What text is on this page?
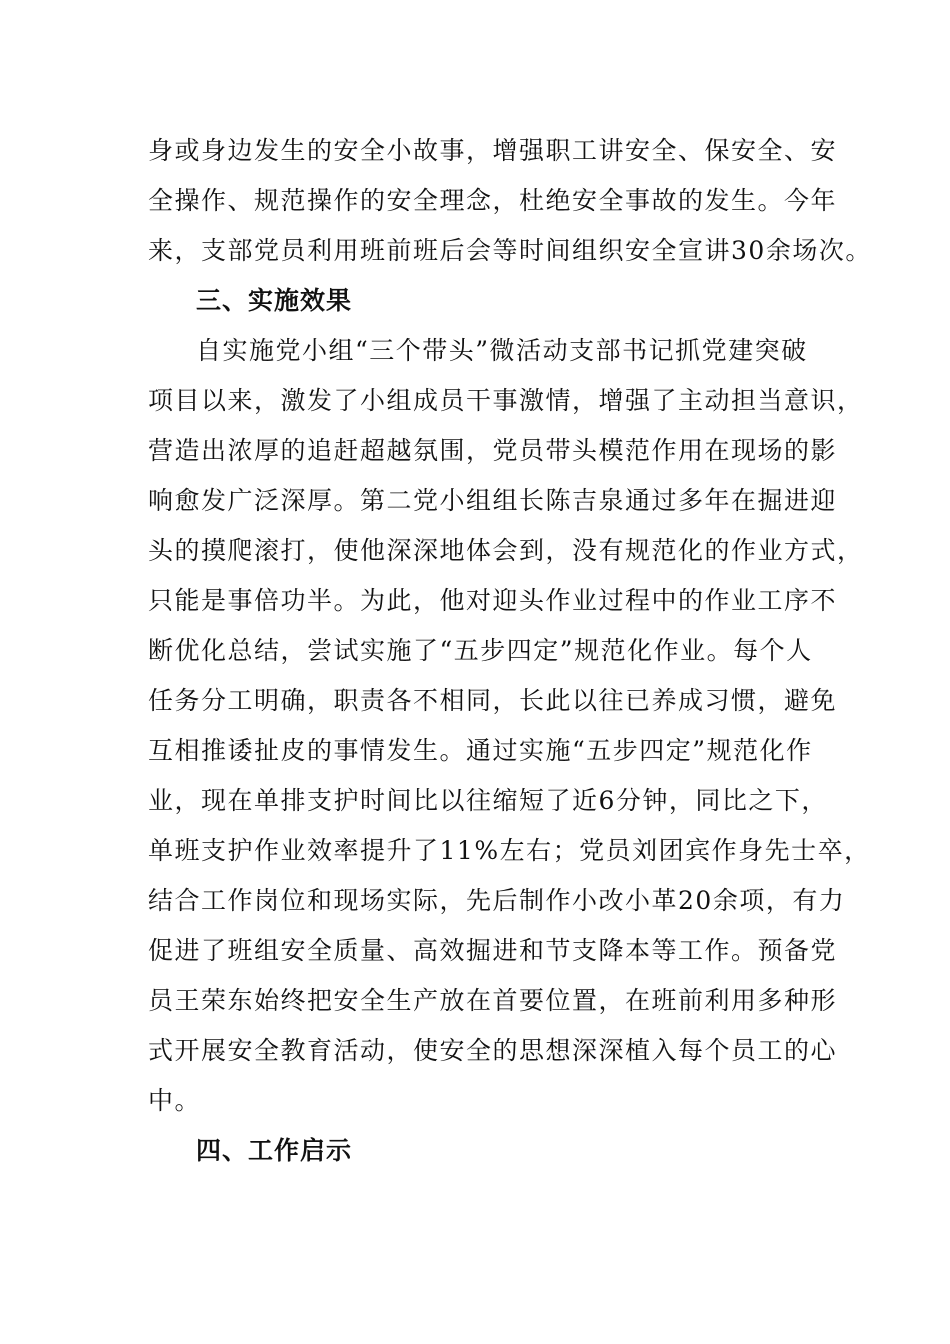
身或身边发生的安全小故事，增强职工讲安全、保安全、安
全操作、规范操作的安全理念，杜绝安全事故的发生。今年
来，支部党员利用班前班后会等时间组织安全宣讲30余场次。
三、实施效果
自实施党小组“三个带头”微活动支部书记抓党建突破
项目以来，激发了小组成员干事激情，增强了主动担当意识，
营造出浓厚的追赶超越氛围，党员带头模范作用在现场的影
响愈发广泛深厚。第二党小组组长陈吉泉通过多年在掘进迎
头的摸爬滚打，使他深深地体会到，没有规范化的作业方式，
只能是事倍功半。为此，他对迎头作业过程中的作业工序不
断优化总结，尝试实施了“五步四定”规范化作业。每个人
任务分工明确，职责各不相同，长此以往已养成习惯，避免
互相推诿扯皮的事情发生。通过实施“五步四定”规范化作
业，现在单排支护时间比以往缩短了近6分钟，同比之下，
单班支护作业效率提升了11%左右；党员刘团宾作身先士卒，
结合工作岗位和现场实际，先后制作小改小革20余项，有力
促进了班组安全质量、高效掘进和节支降本等工作。预备党
员王荣东始终把安全生产放在首要位置，在班前利用多种形
式开展安全教育活动，使安全的思想深深植入每个员工的心
中。
四、工作启示
